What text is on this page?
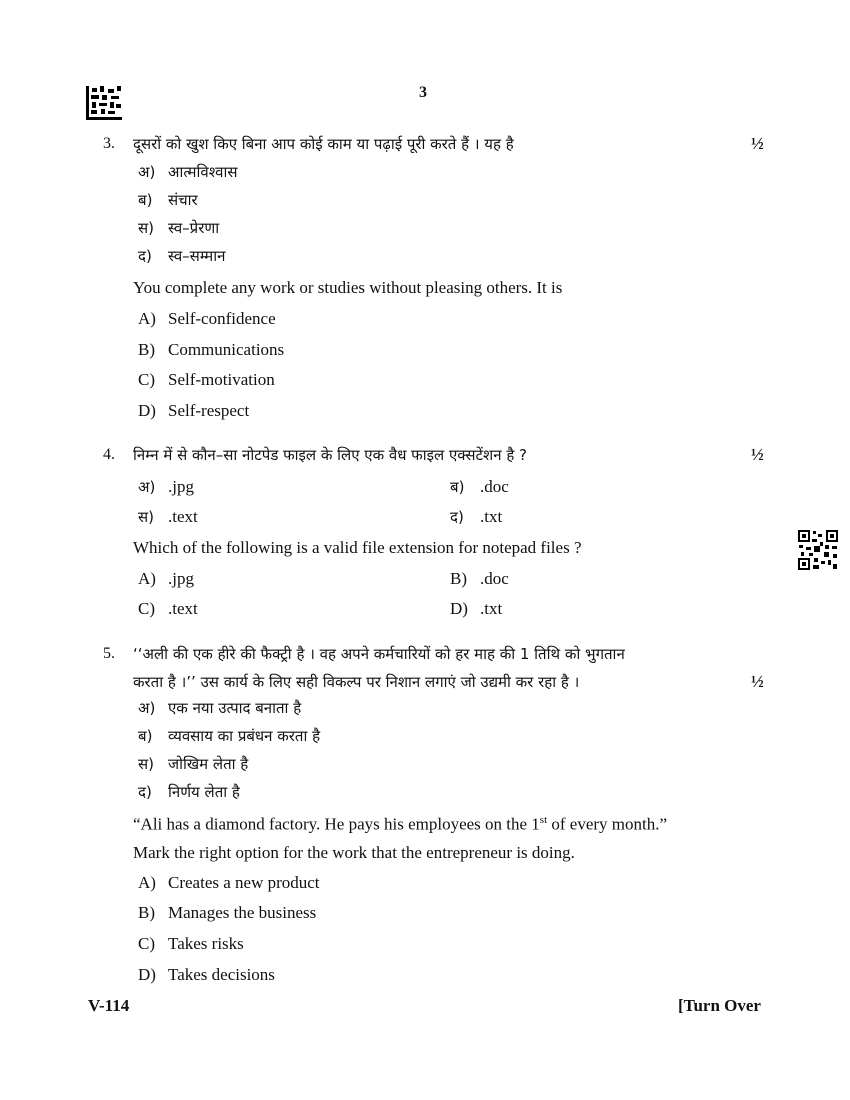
3
3. दूसरों को खुश किए बिना आप कोई काम या पढ़ाई पूरी करते हैं । यह है	½
अ) आत्मविश्वास
ब) संचार
स) स्व–प्रेरणा
द) स्व–सम्मान
You complete any work or studies without pleasing others. It is
A) Self-confidence
B) Communications
C) Self-motivation
D) Self-respect
4. निम्न में से कौन–सा नोटपेड फाइल के लिए एक वैध फाइल एक्सटेंशन है ?	½
अ) .jpg	ब) .doc
स) .text	द) .txt
Which of the following is a valid file extension for notepad files ?
A) .jpg	B) .doc
C) .text	D) .txt
5. ‘‘अली की एक हीरे की फैक्ट्री है । वह अपने कर्मचारियों को हर माह की 1 तिथि को भुगतान
करता है ।’’ उस कार्य के लिए सही विकल्प पर निशान लगाएं जो उद्यमी कर रहा है ।	½
अ) एक नया उत्पाद बनाता है
ब) व्यवसाय का प्रबंधन करता है
स) जोखिम लेता है
द) निर्णय लेता है
“Ali has a diamond factory. He pays his employees on the 1st of every month.”
Mark the right option for the work that the entrepreneur is doing.
A) Creates a new product
B) Manages the business
C) Takes risks
D) Takes decisions
V-114	[Turn Over
